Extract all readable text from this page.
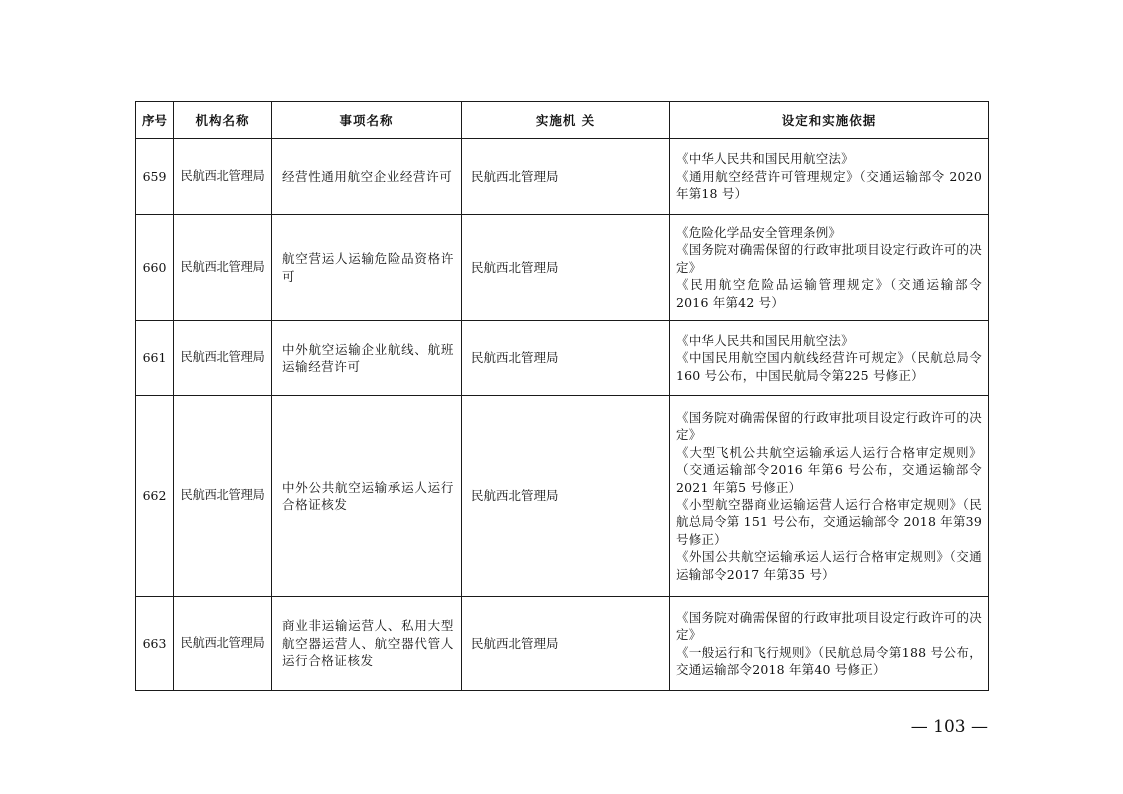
序号	机构名称	事项名称	实施机 关	设定和实施依据
659	民航西北管理局	经营性通用航空企业经营许可	民航西北管理局	《中华人民共和国民用航空法》
《通用航空经营许可管理规定》（交通运输部令 2020 年第18 号）

660	民航西北管理局	航空营运人运输危险品资格许可	民航西北管理局	《危险化学品安全管理条例》
《国务院对确需保留的行政审批项目设定行政许可的决定》
《民用航空危险品运输管理规定》（交通运输部令 2016 年第42 号）

661	民航西北管理局	中外航空运输企业航线、航班运输经营许可	民航西北管理局	《中华人民共和国民用航空法》
《中国民用航空国内航线经营许可规定》（民航总局令160 号公布，中国民航局令第225 号修正）

662	民航西北管理局	中外公共航空运输承运人运行合格证核发	民航西北管理局	《国务院对确需保留的行政审批项目设定行政许可的决定》
《大型飞机公共航空运输承运人运行合格审定规则》（交通运输部令2016 年第6 号公布，交通运输部令2021 年第5 号修正）
《小型航空器商业运输运营人运行合格审定规则》（民航总局令第 151 号公布，交通运输部令 2018 年第39 号修正）
《外国公共航空运输承运人运行合格审定规则》（交通运输部令2017 年第35 号）

663	民航西北管理局	商业非运输运营人、私用大型航空器运营人、航空器代管人运行合格证核发	民航西北管理局	《国务院对确需保留的行政审批项目设定行政许可的决定》
《一般运行和飞行规则》（民航总局令第188 号公布，交通运输部令2018 年第40 号修正）
— 103 —
